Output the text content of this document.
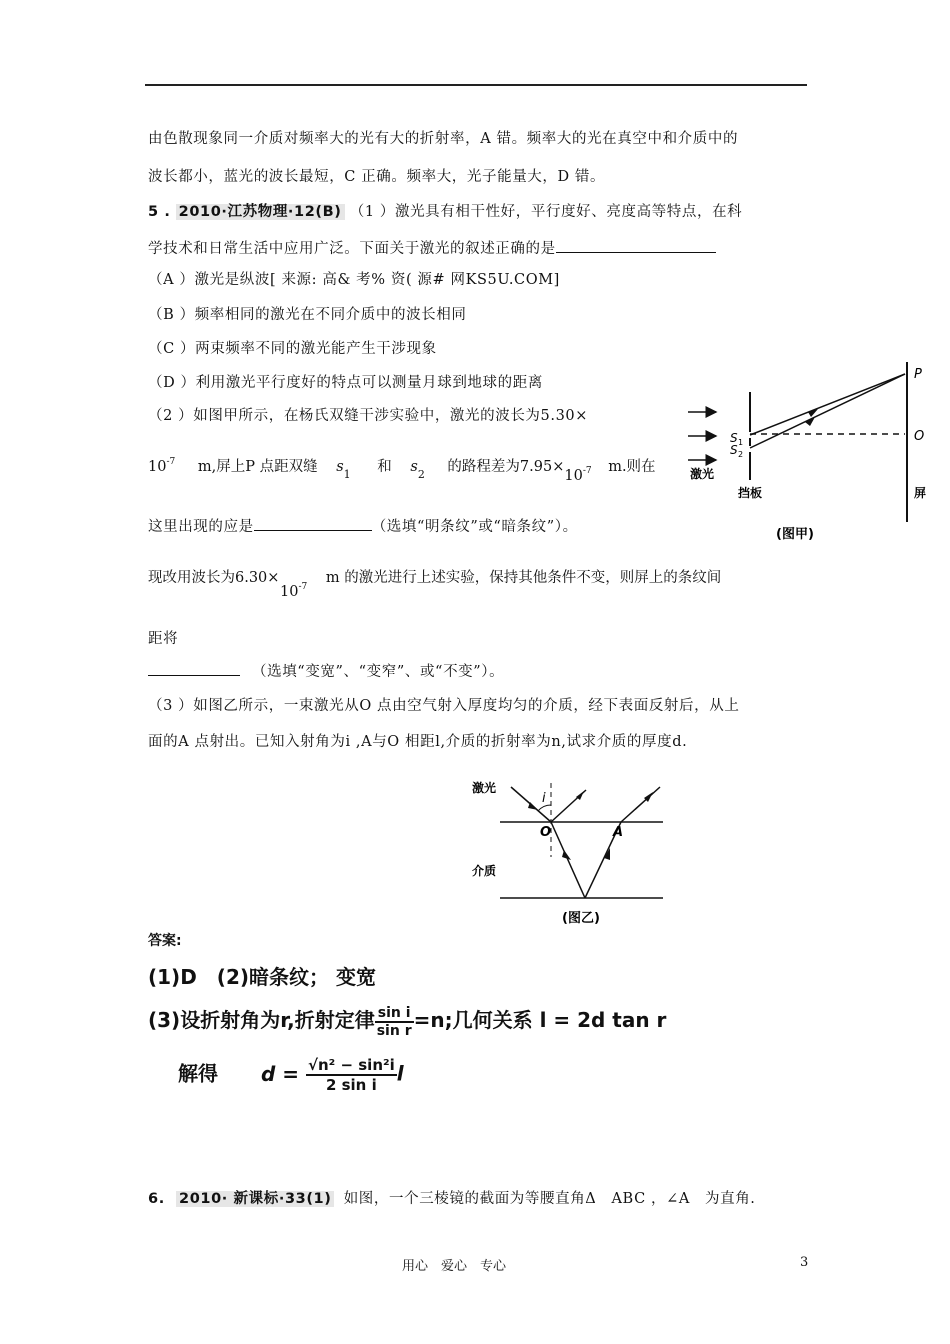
由色散现象同一介质对频率大的光有大的折射率，A 错。频率大的光在真空中和介质中的
波长都小，蓝光的波长最短，C 正确。频率大，光子能量大，D 错。
5 . 2010·江苏物理·12(B) （1 ）激光具有相干性好，平行度好、亮度高等特点，在科
学技术和日常生活中应用广泛。下面关于激光的叙述正确的是
（A ）激光是纵波[ 来源: 高& 考% 资( 源# 网KS5U.COM]
（B ）频率相同的激光在不同介质中的波长相同
（C ）两束频率不同的激光能产生干涉现象
（D ）利用激光平行度好的特点可以测量月球到地球的距离
（2 ）如图甲所示，在杨氏双缝干涉实验中，激光的波长为5.30×
$10^{-7}$ m,屏上P 点距双缝 $s_1$ 和 $s_2$ 的路程差为7.95×10-7 m.则在
这里出现的应是	（选填“明条纹”或“暗条纹”）。
现改用波长为$6.30\times 10_{-7}$ m 的激光进行上述实验，保持其他条件不变，则屏上的条纹间
距将
（选填“变宽”、“变窄”、或“不变”）。
（3 ）如图乙所示，一束激光从O 点由空气射入厚度均匀的介质，经下表面反射后，从上
面的A 点射出。已知入射角为i ,A与O 相距l,介质的折射率为n,试求介质的厚度d.
P
O
S 1
S 2
激光
挡板	屏
(图甲)
激光
i
O	A
介质
(图乙)
答案:
(1)D　(2)暗条纹； 变宽
(3)设折射角为r,折射定律 $\frac{\text{sin i}}{\text{sin r}} =n$;几何关系 l = 2d tan r
解得 $d = \frac{\text{√n² − sin²i}}{\text{2 sin i}}$ l
6. 2010· 新课标·33(1) 如图，一个三棱镜的截面为等腰直角Δ　ABC ，∠A　为直角.
用心　爱心　专心	3
